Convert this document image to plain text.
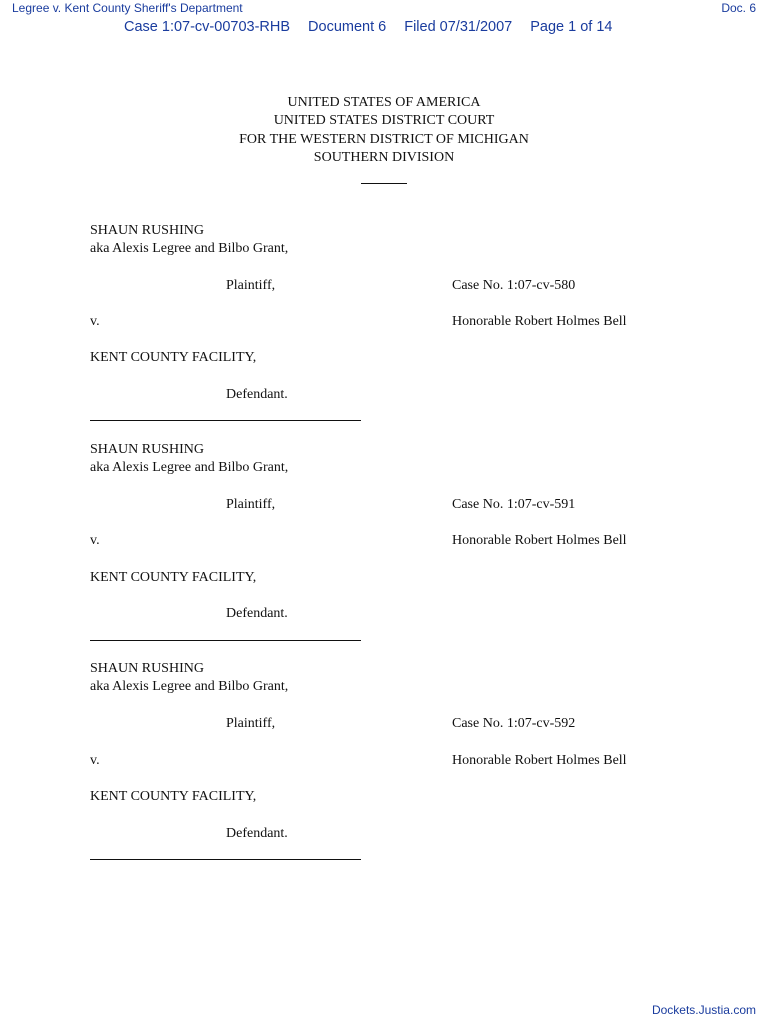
Legree v. Kent County Sheriff's Department	Doc. 6
Case 1:07-cv-00703-RHB Document 6 Filed 07/31/2007 Page 1 of 14
UNITED STATES OF AMERICA
UNITED STATES DISTRICT COURT
FOR THE WESTERN DISTRICT OF MICHIGAN
SOUTHERN DIVISION
SHAUN RUSHING
aka Alexis Legree and Bilbo Grant,
Plaintiff,	Case No. 1:07-cv-580
v.	Honorable Robert Holmes Bell
KENT COUNTY FACILITY,
Defendant.
SHAUN RUSHING
aka Alexis Legree and Bilbo Grant,
Plaintiff,	Case No. 1:07-cv-591
v.	Honorable Robert Holmes Bell
KENT COUNTY FACILITY,
Defendant.
SHAUN RUSHING
aka Alexis Legree and Bilbo Grant,
Plaintiff,	Case No. 1:07-cv-592
v.	Honorable Robert Holmes Bell
KENT COUNTY FACILITY,
Defendant.
Dockets.Justia.com
